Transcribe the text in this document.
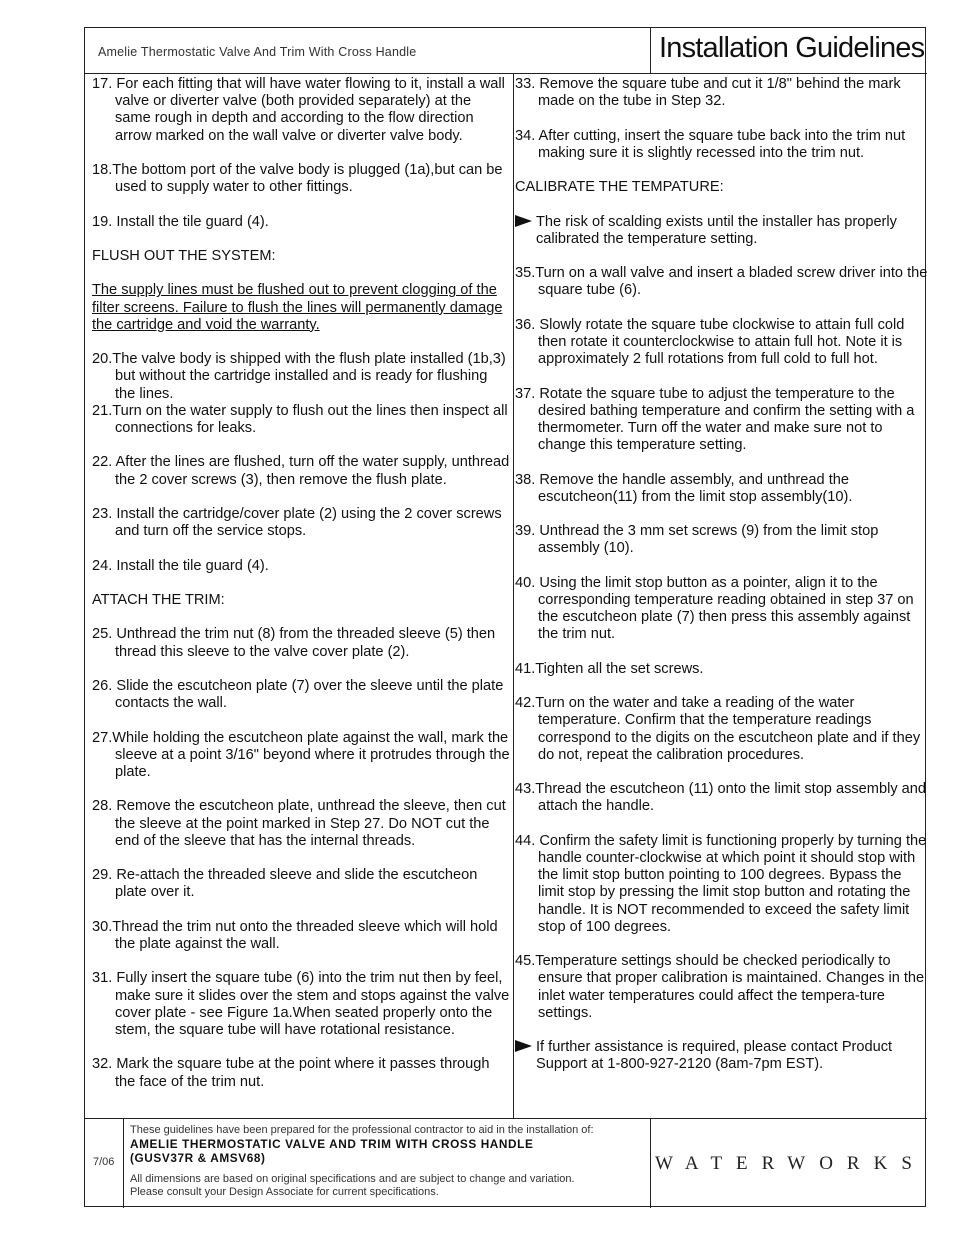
Amelie Thermostatic Valve And Trim With Cross Handle	Installation Guidelines
17. For each fitting that will have water flowing to it, install a wall valve or diverter valve (both provided separately) at the same rough in depth and according to the flow direction arrow marked on the wall valve or diverter valve body.
18.The bottom port of the valve body is plugged (1a),but can be used to supply water to other fittings.
19. Install the tile guard (4).
FLUSH OUT THE SYSTEM:
The supply lines must be flushed out to prevent clogging of the filter screens. Failure to flush the lines will permanently damage the cartridge and void the warranty.
20.The valve body is shipped with the flush plate installed (1b,3) but without the cartridge installed and is ready for flushing the lines.
21.Turn on the water supply to flush out the lines then inspect all connections for leaks.
22. After the lines are flushed, turn off the water supply, unthread the 2 cover screws (3), then remove the flush plate.
23. Install the cartridge/cover plate (2) using the 2 cover screws and turn off the service stops.
24. Install the tile guard (4).
ATTACH THE TRIM:
25. Unthread the trim nut (8) from the threaded sleeve (5) then thread this sleeve to the valve cover plate (2).
26. Slide the escutcheon plate (7) over the sleeve until the plate contacts the wall.
27.While holding the escutcheon plate against the wall, mark the sleeve at a point 3/16" beyond where it protrudes through the plate.
28. Remove the escutcheon plate, unthread the sleeve, then cut the sleeve at the point marked in Step 27. Do NOT cut the end of the sleeve that has the internal threads.
29. Re-attach the threaded sleeve and slide the escutcheon plate over it.
30.Thread the trim nut onto the threaded sleeve which will hold the plate against the wall.
31. Fully insert the square tube (6) into the trim nut then by feel, make sure it slides over the stem and stops against the valve cover plate - see Figure 1a.When seated properly onto the stem, the square tube will have rotational resistance.
32. Mark the square tube at the point where it passes through the face of the trim nut.
33. Remove the square tube and cut it 1/8" behind the mark made on the tube in Step 32.
34. After cutting, insert the square tube back into the trim nut making sure it is slightly recessed into the trim nut.
CALIBRATE THE TEMPATURE:
The risk of scalding exists until the installer has properly calibrated the temperature setting.
35.Turn on a wall valve and insert a bladed screw driver into the square tube (6).
36. Slowly rotate the square tube clockwise to attain full cold then rotate it counterclockwise to attain full hot. Note it is approximately 2 full rotations from full cold to full hot.
37. Rotate the square tube to adjust the temperature to the desired bathing temperature and confirm the setting with a thermometer. Turn off the water and make sure not to change this temperature setting.
38. Remove the handle assembly, and unthread the escutcheon(11) from the limit stop assembly(10).
39. Unthread the 3 mm set screws (9) from the limit stop assembly (10).
40. Using the limit stop button as a pointer, align it to the corresponding temperature reading obtained in step 37 on the escutcheon plate (7) then press this assembly against the trim nut.
41.Tighten all the set screws.
42.Turn on the water and take a reading of the water temperature. Confirm that the temperature readings correspond to the digits on the escutcheon plate and if they do not, repeat the calibration procedures.
43.Thread the escutcheon (11) onto the limit stop assembly and attach the handle.
44. Confirm the safety limit is functioning properly by turning the handle counter-clockwise at which point it should stop with the limit stop button pointing to 100 degrees. Bypass the limit stop by pressing the limit stop button and rotating the handle. It is NOT recommended to exceed the safety limit stop of 100 degrees.
45.Temperature settings should be checked periodically to ensure that proper calibration is maintained. Changes in the inlet water temperatures could affect the tempera-ture settings.
If further assistance is required, please contact Product Support at 1-800-927-2120 (8am-7pm EST).
7/06
These guidelines have been prepared for the professional contractor to aid in the installation of:
AMELIE THERMOSTATIC VALVE AND TRIM WITH CROSS HANDLE
(GUSV37R & AMSV68)
All dimensions are based on original specifications and are subject to change and variation.
Please consult your Design Associate for current specifications.
WATERWORKS
